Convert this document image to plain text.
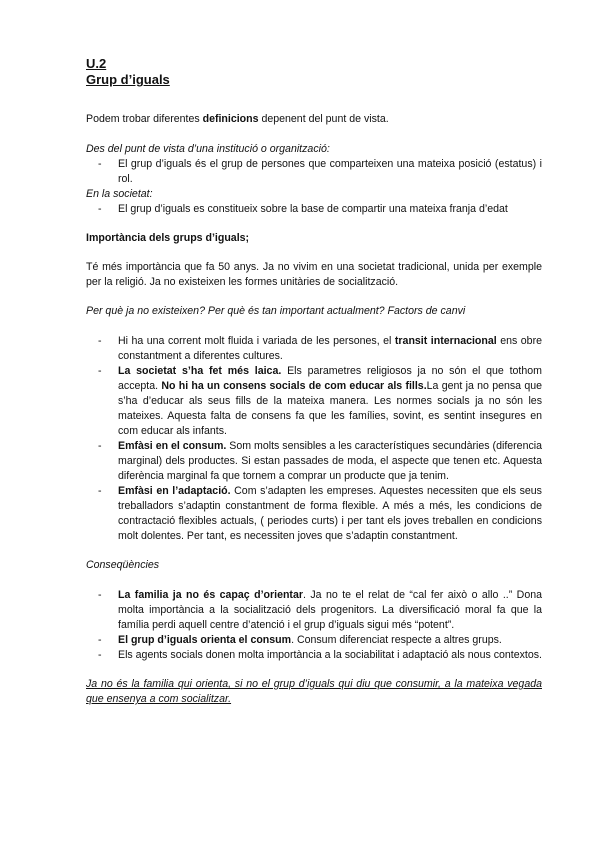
U.2
Grup d’iguals

Podem trobar diferentes definicions depenent del punt de vista.

Des del punt de vista d’una institució o organització:

- El grup d’iguals és el grup de persones que comparteixen una mateixa posició (estatus) i rol.

En la societat:

- El grup d’iguals es constitueix sobre la base de compartir una mateixa franja d’edat

Importància dels grups d’iguals;

Té més importància que fa 50 anys. Ja no vivim en una societat tradicional, unida per exemple per la religió. Ja no existeixen les formes unitàries de socialització.

Per què ja no existeixen? Per què és tan important actualment? Factors de canvi

- Hi ha una corrent molt fluida i variada de les persones, el transit internacional ens obre constantment a diferentes cultures.
- La societat s’ha fet més laica. Els parametres religiosos ja no són el que tothom accepta. No hi ha un consens socials de com educar als fills.La gent ja no pensa que s’ha d’educar als seus fills de la mateixa manera. Les normes socials ja no són les mateixes. Aquesta falta de consens fa que les famílies, sovint, es sentint insegures en com educar als infants.
- Emfàsi en el consum. Som molts sensibles a les característiques secundàries (diferencia marginal) dels productes. Si estan passades de moda, el aspecte que tenen etc. Aquesta diferència marginal fa que tornem a comprar un producte que ja tenim.
- Emfàsi en l’adaptació. Com s’adapten les empreses. Aquestes necessiten que els seus treballadors s’adaptin constantment de forma flexible. A més a més, les condicions de contractació flexibles actuals, ( periodes curts) i per tant els joves treballen en condicions molt dolentes. Per tant, es necessiten joves que s’adaptin constantment.

Conseqüències

- La familia ja no és capaç d’orientar. Ja no te el relat de “cal fer això o allo ..” Dona molta importància a la socialització dels progenitors. La diversificació moral fa que la família perdi aquell centre d’atenció i el grup d’iguals sigui més “potent”.
- El grup d’iguals orienta el consum. Consum diferenciat respecte a altres grups.
- Els agents socials donen molta importància a la sociabilitat i adaptació als nous contextos.

Ja no és la familia qui orienta, si no el grup d’iguals qui diu que consumir, a la mateixa vegada que ensenya a com socialitzar.
